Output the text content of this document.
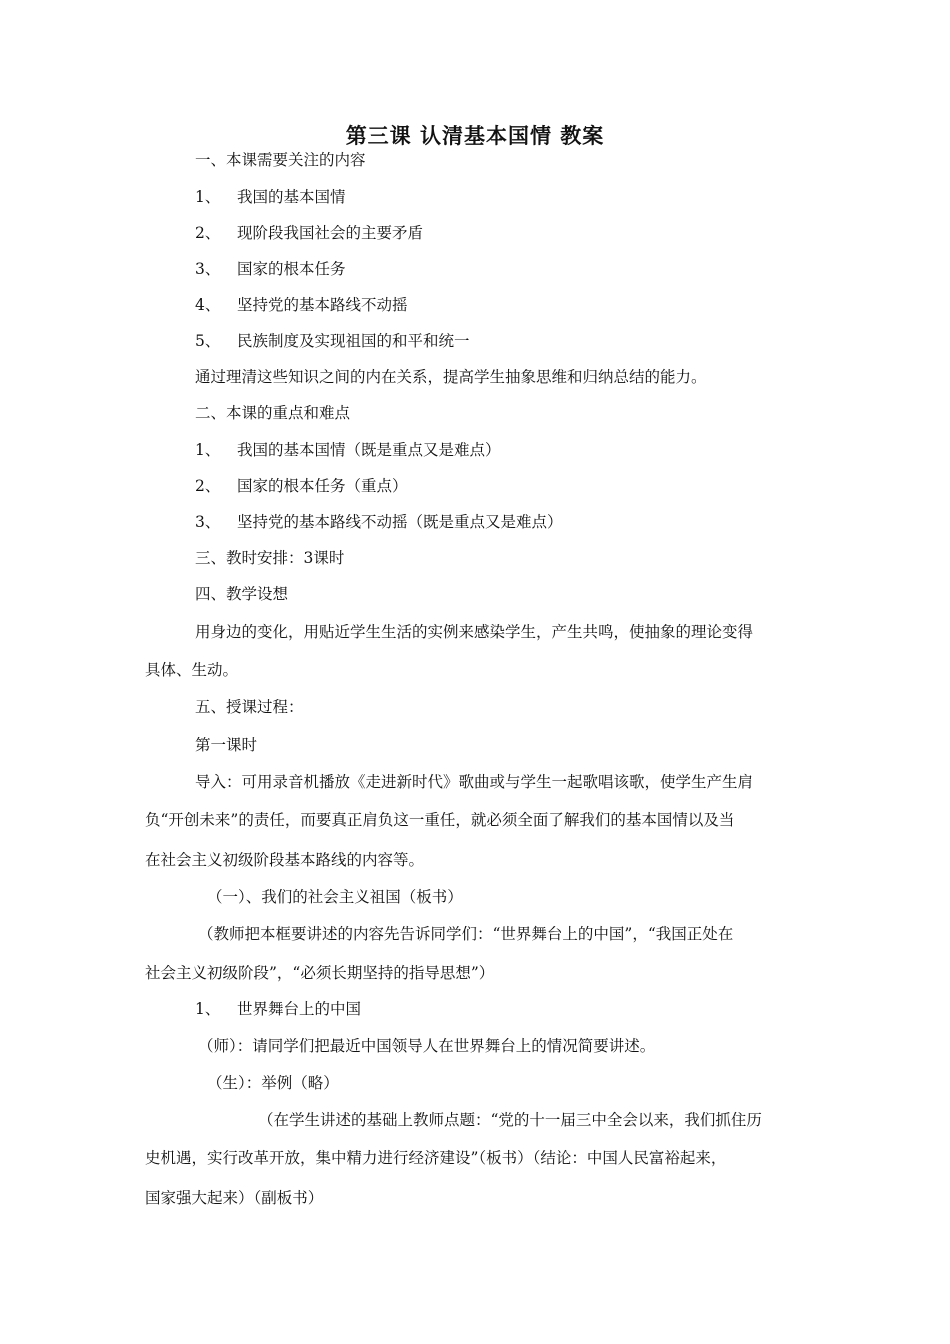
第三课 认清基本国情 教案
一、本课需要关注的内容
1、 我国的基本国情
2、 现阶段我国社会的主要矛盾
3、 国家的根本任务
4、 坚持党的基本路线不动摇
5、 民族制度及实现祖国的和平和统一
通过理清这些知识之间的内在关系，提高学生抽象思维和归纳总结的能力。
二、本课的重点和难点
1、 我国的基本国情（既是重点又是难点）
2、 国家的根本任务（重点）
3、 坚持党的基本路线不动摇（既是重点又是难点）
三、教时安排：3课时
四、教学设想
用身边的变化，用贴近学生生活的实例来感染学生，产生共鸣，使抽象的理论变得
具体、生动。
五、授课过程：
第一课时
导入：可用录音机播放《走进新时代》歌曲或与学生一起歌唱该歌，使学生产生肩
负“开创未来”的责任，而要真正肩负这一重任，就必须全面了解我们的基本国情以及当
在社会主义初级阶段基本路线的内容等。
（一）、我们的社会主义祖国（板书）
（教师把本框要讲述的内容先告诉同学们：“世界舞台上的中国”，“我国正处在
社会主义初级阶段”，“必须长期坚持的指导思想”）
1、 世界舞台上的中国
（师）：请同学们把最近中国领导人在世界舞台上的情况简要讲述。
（生）：举例（略）
（在学生讲述的基础上教师点题：“党的十一届三中全会以来，我们抓住历
史机遇，实行改革开放，集中精力进行经济建设”（板书）（结论：中国人民富裕起来，
国家强大起来）（副板书）
